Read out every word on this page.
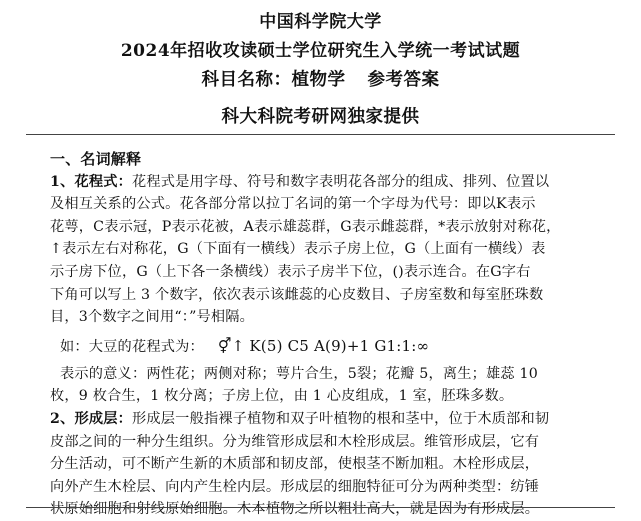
中国科学院大学
2024年招收攻读硕士学位研究生入学统一考试试题
科目名称：植物学 参考答案
科大科院考研网独家提供
一、名词解释
1、花程式：花程式是用字母、符号和数字表明花各部分的组成、排列、位置以
及相互关系的公式。花各部分常以拉丁名词的第一个字母为代号：即以K表示
花萼，C表示冠，P表示花被，A表示雄蕊群，G表示雌蕊群，*表示放射对称花，
↑表示左右对称花，G（下面有一横线）表示子房上位，G（上面有一横线）表
示子房下位，G（上下各一条横线）表示子房半下位，()表示连合。在G字右
下角可以写上 3 个数字，依次表示该雌蕊的心皮数目、子房室数和每室胚珠数
目，3个数字之间用“：”号相隔。
如：大豆的花程式为： ⚥↑ K(5) C5 A(9)+1 G1:1:∞
表示的意义：两性花；两侧对称；萼片合生，5裂；花瓣 5，离生；雄蕊 10
枚，9 枚合生，1 枚分离；子房上位，由 1 心皮组成，1 室，胚珠多数。
2、形成层：形成层一般指裸子植物和双子叶植物的根和茎中，位于木质部和韧
皮部之间的一种分生组织。分为维管形成层和木栓形成层。维管形成层，它有
分生活动，可不断产生新的木质部和韧皮部，使根茎不断加粗。木栓形成层，
向外产生木栓层、向内产生栓内层。形成层的细胞特征可分为两种类型：纺锤
状原始细胞和射线原始细胞。木本植物之所以粗壮高大，就是因为有形成层。
